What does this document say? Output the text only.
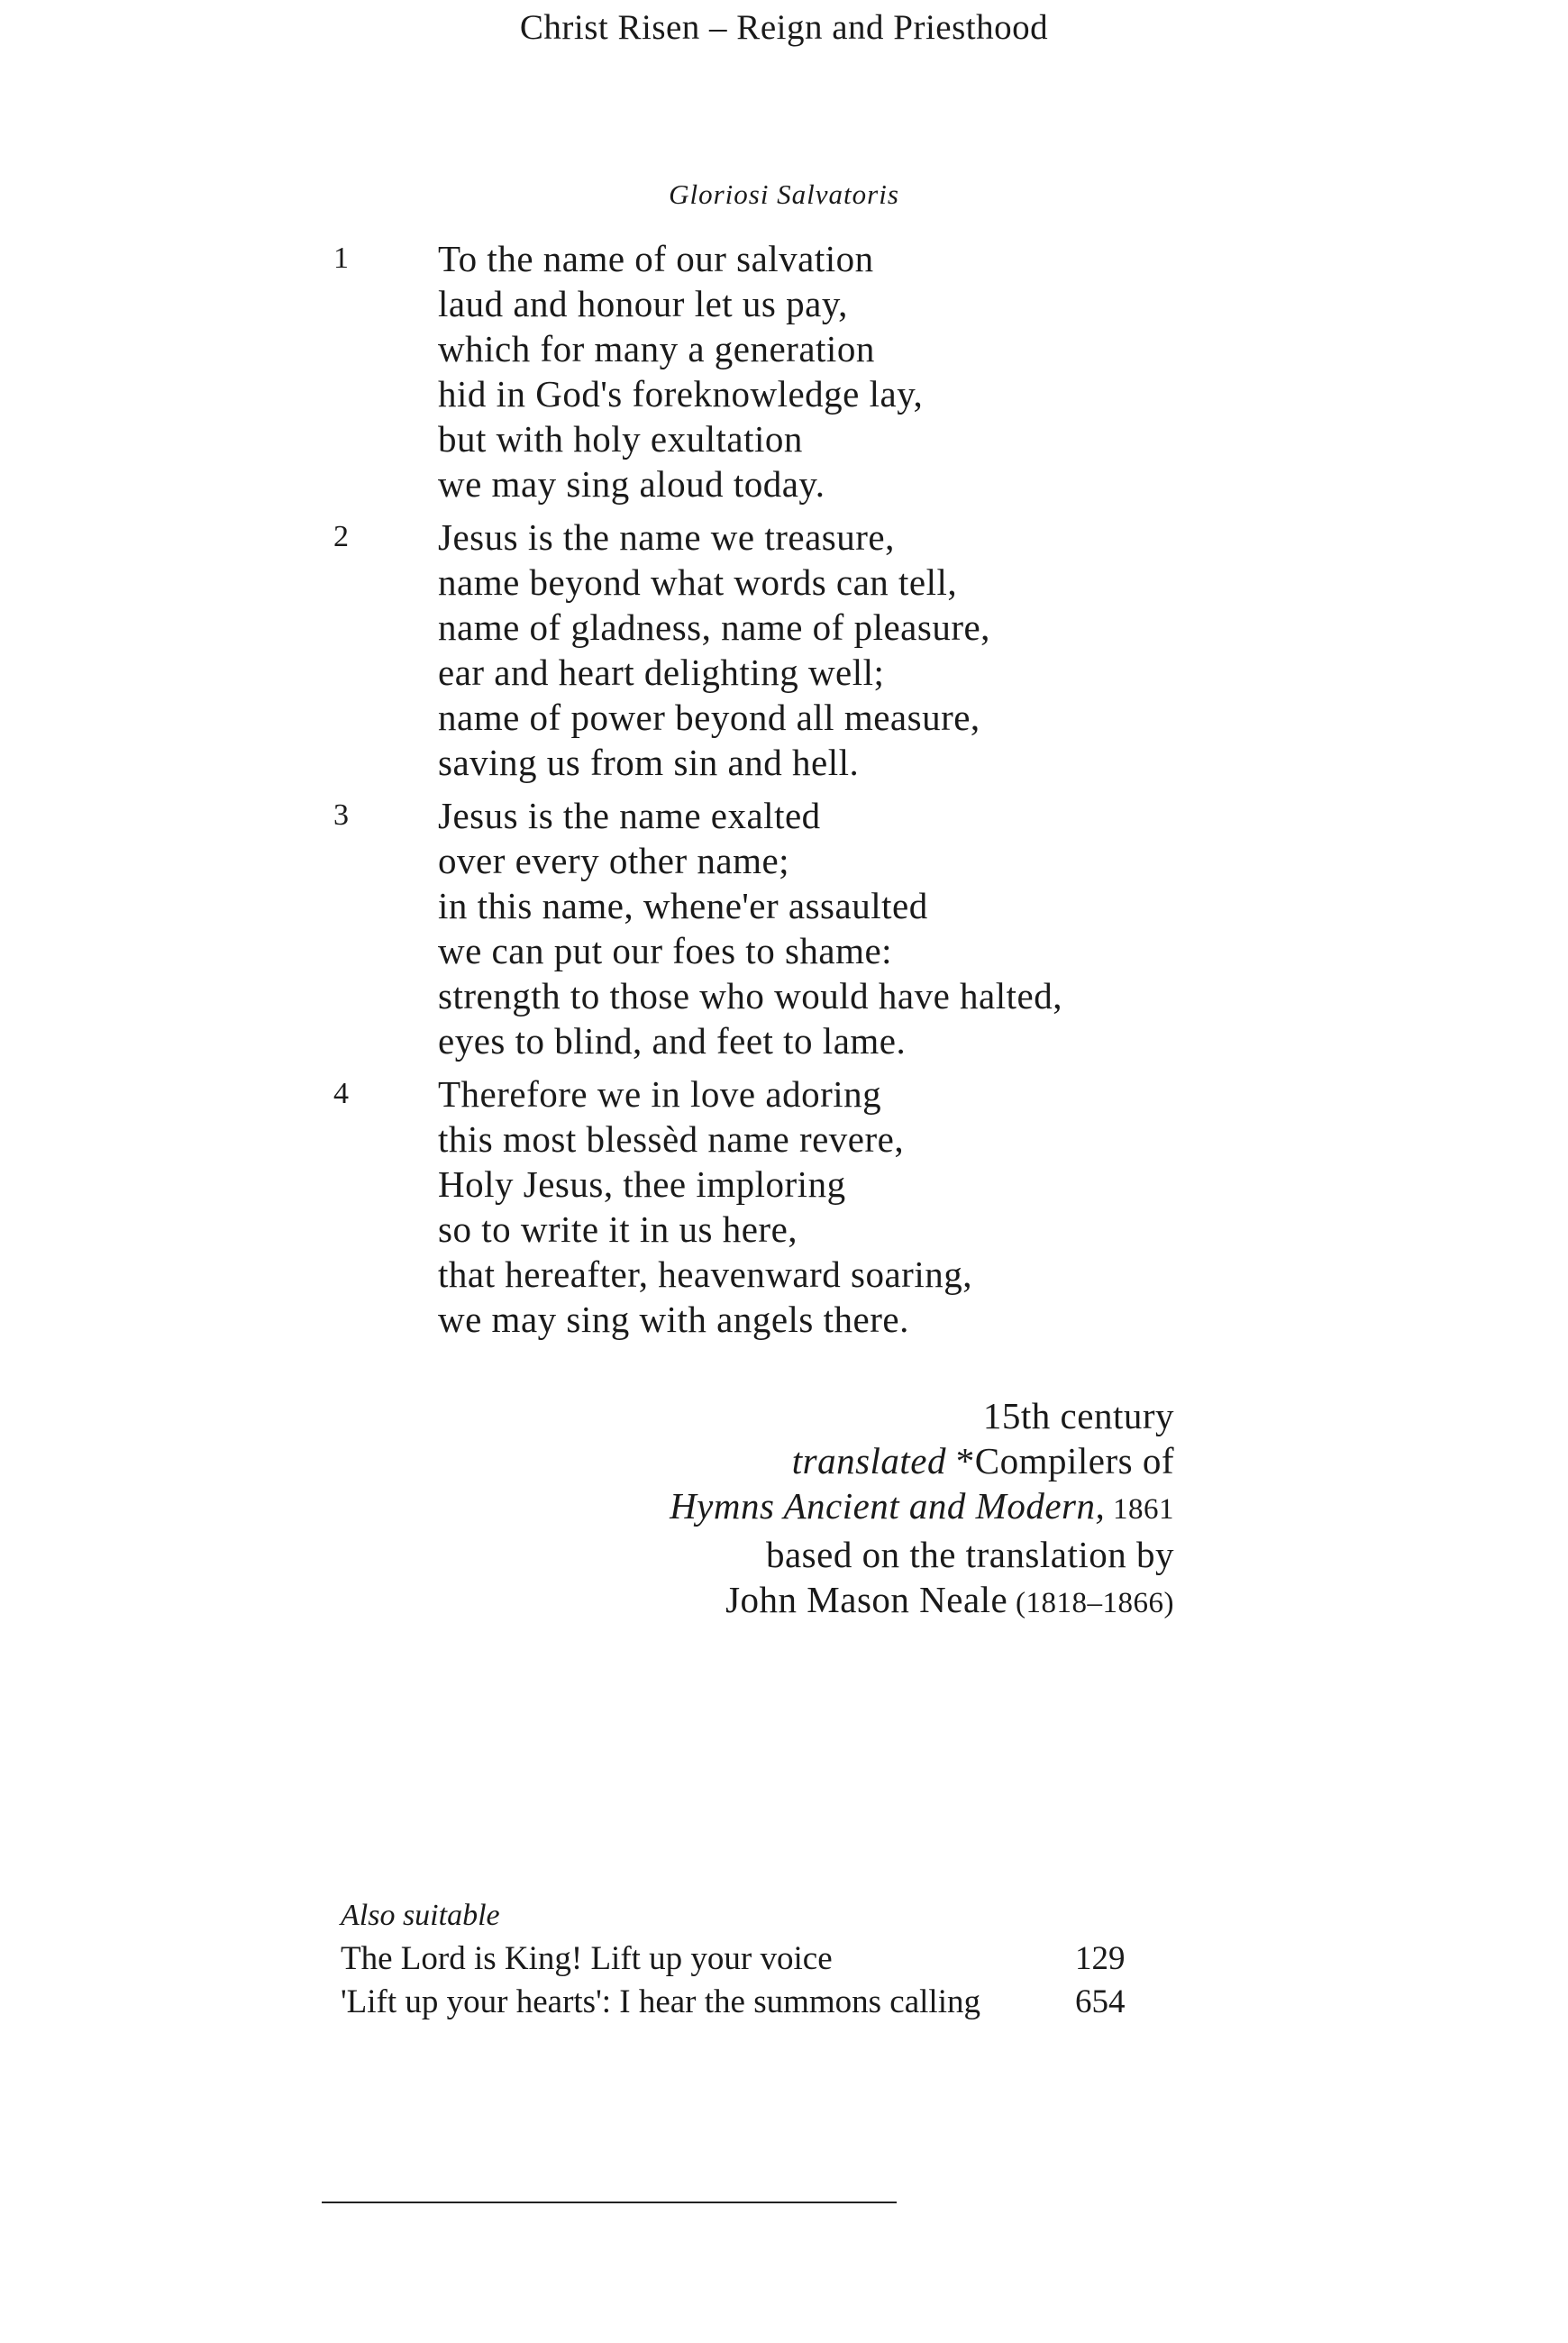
Christ Risen – Reign and Priesthood
Gloriosi Salvatoris
1 To the name of our salvation
laud and honour let us pay,
which for many a generation
hid in God's foreknowledge lay,
but with holy exultation
we may sing aloud today.
2 Jesus is the name we treasure,
name beyond what words can tell,
name of gladness, name of pleasure,
ear and heart delighting well;
name of power beyond all measure,
saving us from sin and hell.
3 Jesus is the name exalted
over every other name;
in this name, whene'er assaulted
we can put our foes to shame:
strength to those who would have halted,
eyes to blind, and feet to lame.
4 Therefore we in love adoring
this most blessèd name revere,
Holy Jesus, thee imploring
so to write it in us here,
that hereafter, heavenward soaring,
we may sing with angels there.
15th century
translated *Compilers of
Hymns Ancient and Modern, 1861
based on the translation by
John Mason Neale (1818–1866)
Also suitable
The Lord is King! Lift up your voice	129
'Lift up your hearts': I hear the summons calling	654
